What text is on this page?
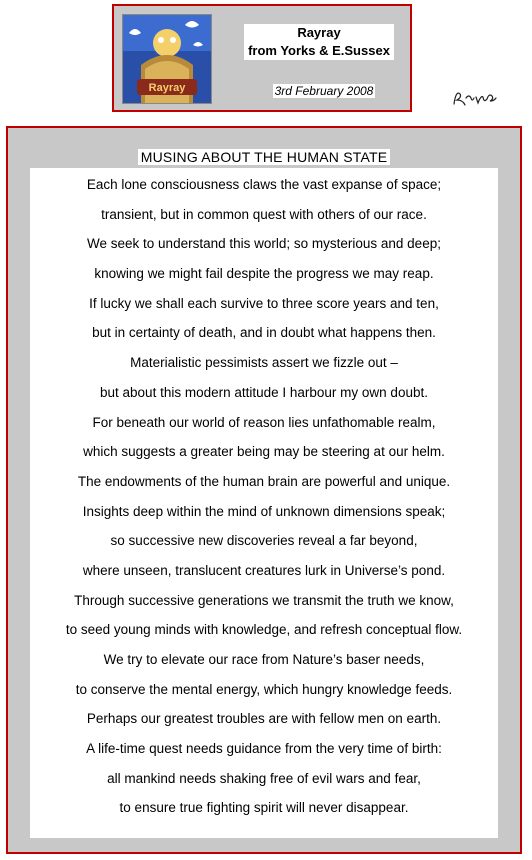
Rayray
Rayray
from Yorks & E.Sussex
3rd February 2008
MUSING ABOUT THE HUMAN STATE
Each lone consciousness claws the vast expanse of space;
transient, but in common quest with others of our race.
We seek to understand this world; so mysterious and deep;
knowing we might fail despite the progress we may reap.
If lucky we shall each survive to three score years and ten,
but in certainty of death, and in doubt what happens then.
Materialistic pessimists assert we fizzle out –
but about this modern attitude I harbour my own doubt.
For beneath our world of reason lies unfathomable realm,
which suggests a greater being may be steering at our helm.
The endowments of the human brain are powerful and unique.
Insights deep within the mind of unknown dimensions speak;
so successive new discoveries reveal a far beyond,
where unseen, translucent creatures lurk in Universe’s pond.
Through successive generations we transmit the truth we know,
to seed young minds with knowledge, and refresh conceptual flow.
We try to elevate our race from Nature’s baser needs,
to conserve the mental energy, which hungry knowledge feeds.
Perhaps our greatest troubles are with fellow men on earth.
A life-time quest needs guidance from the very time of birth:
all mankind needs shaking free of evil wars and fear,
to ensure true fighting spirit will never disappear.
